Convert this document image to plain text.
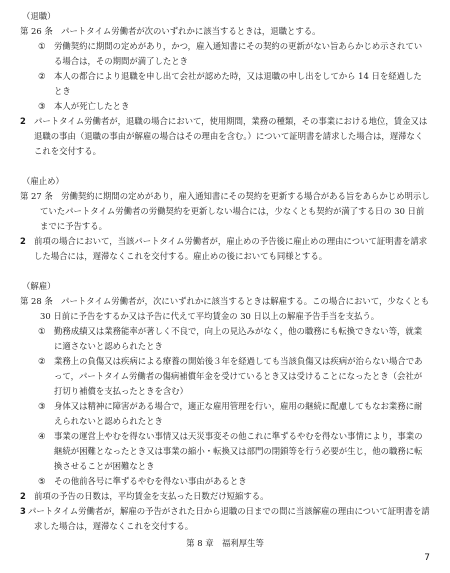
（退職）
第 26 条　パートタイム労働者が次のいずれかに該当するときは，退職とする。
① 労働契約に期間の定めがあり，かつ，雇入通知書にその契約の更新がない旨あらかじめ示されている場合は，その期間が満了したとき
② 本人の都合により退職を申し出て会社が認めた時，又は退職の申し出をしてから 14 日を経過したとき
③ 本人が死亡したとき
2 パートタイム労働者が，退職の場合において，使用期間，業務の種類，その事業における地位，賃金又は退職の事由（退職の事由が解雇の場合はその理由を含む。）について証明書を請求した場合は，遅滞なくこれを交付する。
（雇止め）
第 27 条　労働契約に期間の定めがあり，雇入通知書にその契約を更新する場合がある旨をあらかじめ明示していたパートタイム労働者の労働契約を更新しない場合には，少なくとも契約が満了する日の 30 日前までに予告する。
2 前項の場合において，当該パートタイム労働者が，雇止めの予告後に雇止めの理由について証明書を請求した場合には，遅滞なくこれを交付する。雇止めの後においても同様とする。
（解雇）
第 28 条　パートタイム労働者が，次にいずれかに該当するときは解雇する。この場合において，少なくとも 30 日前に予告をするか又は予告に代えて平均賃金の 30 日以上の解雇予告手当を支払う。
① 勤務成績又は業務能率が著しく不良で，向上の見込みがなく，他の職務にも転換できない等，就業に適さないと認められたとき
② 業務上の負傷又は疾病による療養の開始後３年を経過しても当該負傷又は疾病が治らない場合であって，パートタイム労働者の傷病補償年金を受けているとき又は受けることになったとき（会社が打切り補償を支払ったときを含む）
③ 身体又は精神に障害がある場合で，適正な雇用管理を行い，雇用の継続に配慮してもなお業務に耐えられないと認められたとき
④ 事業の運営上やむを得ない事情又は天災事変その他これに準ずるやむを得ない事情により，事業の継続が困難となったとき又は事業の縮小・転換又は部門の閉鎖等を行う必要が生じ，他の職務に転換させることが困難なとき
⑤ その他前各号に準ずるやむを得ない事由があるとき
2 前項の予告の日数は，平均賃金を支払った日数だけ短縮する。
3 パートタイム労働者が，解雇の予告がされた日から退職の日までの間に当該解雇の理由について証明書を請求した場合は，遅滞なくこれを交付する。
第 8 章　福利厚生等
7
